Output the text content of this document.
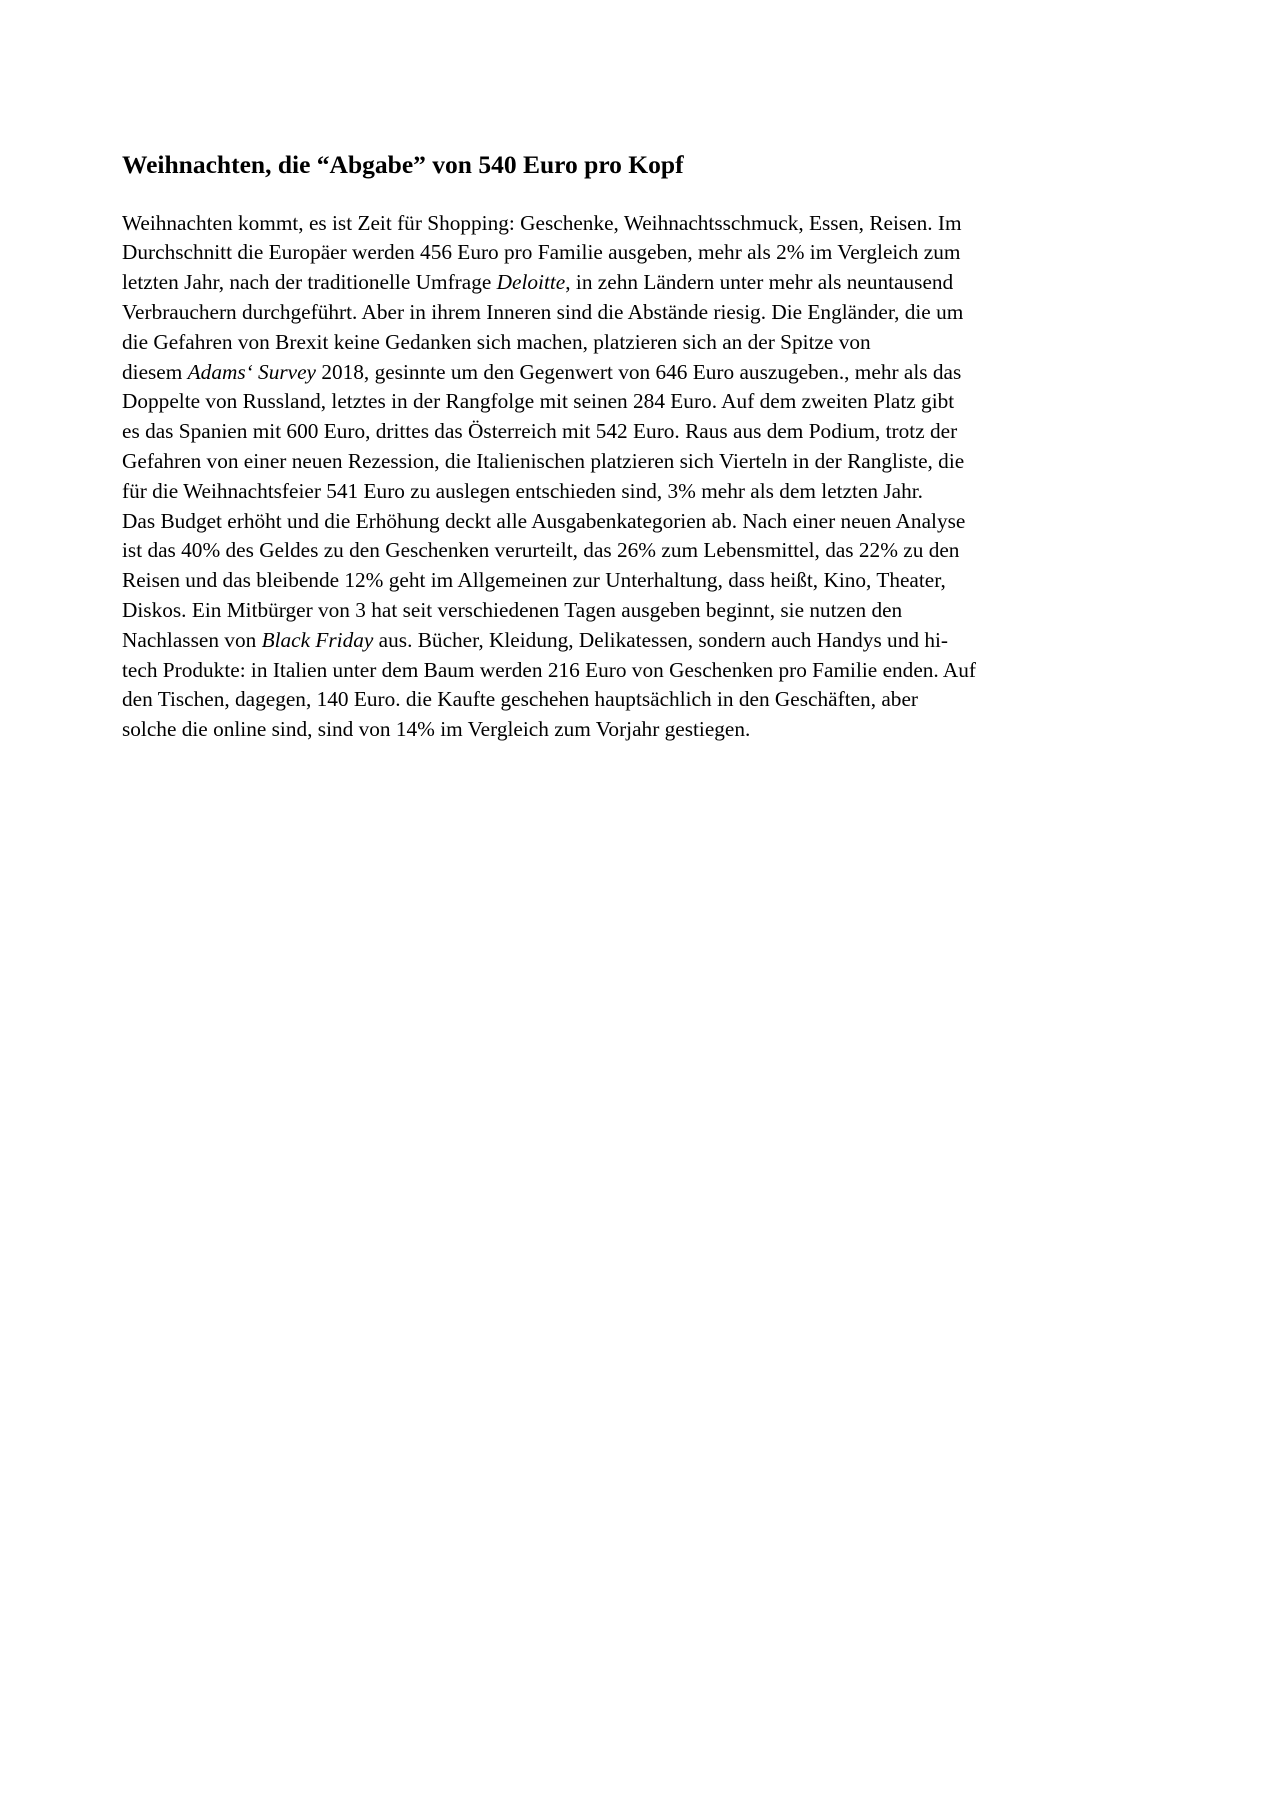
Weihnachten, die “Abgabe” von 540 Euro pro Kopf
Weihnachten kommt, es ist Zeit für Shopping: Geschenke, Weihnachtsschmuck, Essen, Reisen. Im
Durchschnitt die Europäer werden 456 Euro pro Familie ausgeben, mehr als 2% im Vergleich zum
letzten Jahr, nach der traditionelle Umfrage Deloitte, in zehn Ländern unter mehr als neuntausend
Verbrauchern durchgeführt. Aber in ihrem Inneren sind die Abstände riesig. Die Engländer, die um
die Gefahren von Brexit keine Gedanken sich machen, platzieren sich an der Spitze von
diesem Adams‘ Survey 2018, gesinnte um den Gegenwert von 646 Euro auszugeben., mehr als das
Doppelte von Russland, letztes in der Rangfolge mit seinen 284 Euro. Auf dem zweiten Platz gibt
es das Spanien mit 600 Euro, drittes das Österreich mit 542 Euro. Raus aus dem Podium, trotz der
Gefahren von einer neuen Rezession, die Italienischen platzieren sich Vierteln in der Rangliste, die
für die Weihnachtsfeier 541 Euro zu auslegen entschieden sind, 3% mehr als dem letzten Jahr.
Das Budget erhöht und die Erhöhung deckt alle Ausgabenkategorien ab. Nach einer neuen Analyse
ist das 40% des Geldes zu den Geschenken verurteilt, das 26% zum Lebensmittel, das 22% zu den
Reisen und das bleibende 12% geht im Allgemeinen zur Unterhaltung, dass heißt, Kino, Theater,
Diskos. Ein Mitbürger von 3 hat seit verschiedenen Tagen ausgeben beginnt, sie nutzen den
Nachlassen von Black Friday aus. Bücher, Kleidung, Delikatessen, sondern auch Handys und hi-
tech Produkte: in Italien unter dem Baum werden 216 Euro von Geschenken pro Familie enden. Auf
den Tischen, dagegen, 140 Euro. die Kaufte geschehen hauptsächlich in den Geschäften, aber
solche die online sind, sind von 14% im Vergleich zum Vorjahr gestiegen.
